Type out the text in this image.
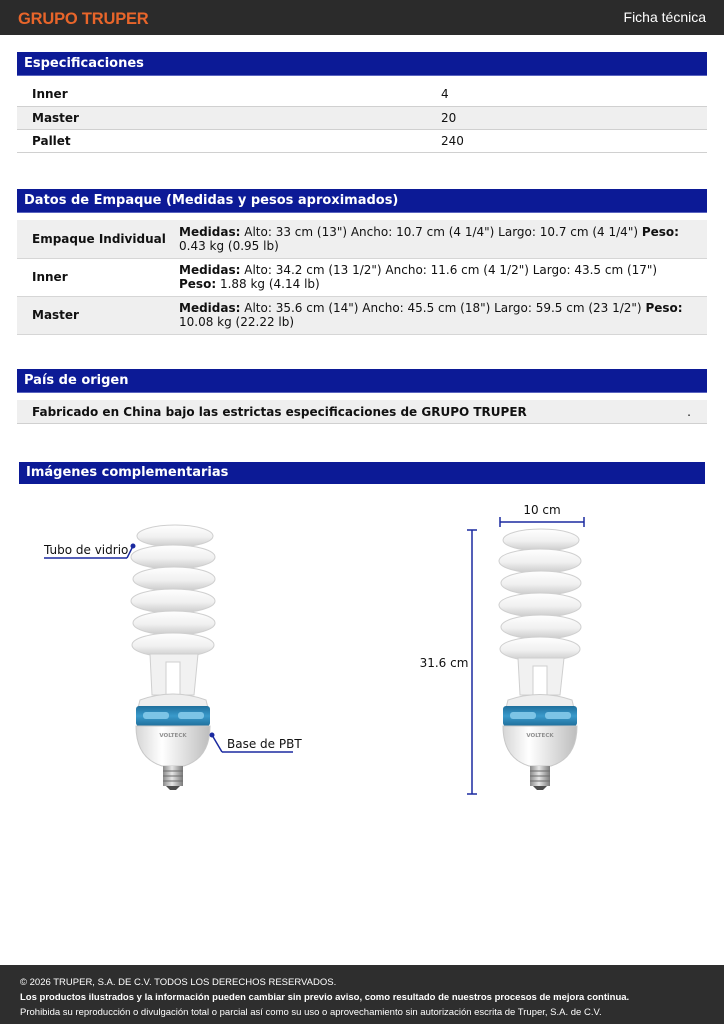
GRUPO TRUPER	Ficha técnica
Especificaciones
Inner	4
Master	20
Pallet	240
Datos de Empaque (Medidas y pesos aproximados)
Empaque Individual	Medidas: Alto: 33 cm (13") Ancho: 10.7 cm (4 1/4") Largo: 10.7 cm (4 1/4") Peso: 0.43 kg (0.95 lb)
Inner	Medidas: Alto: 34.2 cm (13 1/2") Ancho: 11.6 cm (4 1/2") Largo: 43.5 cm (17") Peso: 1.88 kg (4.14 lb)
Master	Medidas: Alto: 35.6 cm (14") Ancho: 45.5 cm (18") Largo: 59.5 cm (23 1/2") Peso: 10.08 kg (22.22 lb)
País de origen
Fabricado en China bajo las estrictas especificaciones de GRUPO TRUPER	.
Imágenes complementarias
VOLTECK
Tubo de vidrio
Base de PBT
VOLTECK
10 cm
31.6 cm
© 2026 TRUPER, S.A. DE C.V. TODOS LOS DERECHOS RESERVADOS.
Los productos ilustrados y la información pueden cambiar sin previo aviso, como resultado de nuestros procesos de mejora continua.
Prohibida su reproducción o divulgación total o parcial así como su uso o aprovechamiento sin autorización escrita de Truper, S.A. de C.V.
